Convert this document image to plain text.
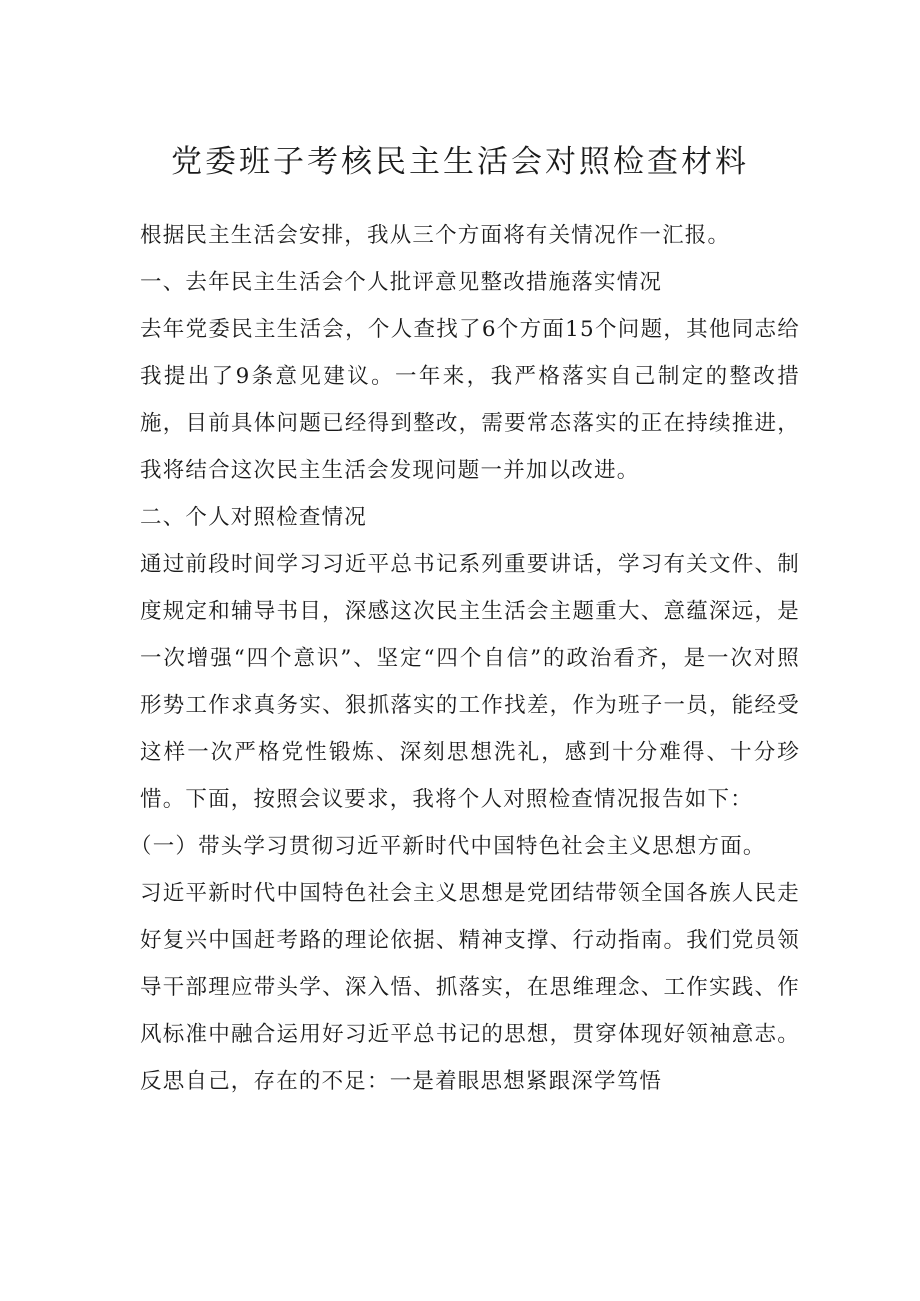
党委班子考核民主生活会对照检查材料

根据民主生活会安排，我从三个方面将有关情况作一汇报。

一、去年民主生活会个人批评意见整改措施落实情况

去年党委民主生活会，个人查找了6个方面15个问题，其他同志给我提出了9条意见建议。一年来，我严格落实自己制定的整改措施，目前具体问题已经得到整改，需要常态落实的正在持续推进，我将结合这次民主生活会发现问题一并加以改进。

二、个人对照检查情况

通过前段时间学习习近平总书记系列重要讲话，学习有关文件、制度规定和辅导书目，深感这次民主生活会主题重大、意蕴深远，是一次增强“四个意识”、坚定“四个自信”的政治看齐，是一次对照形势工作求真务实、狠抓落实的工作找差，作为班子一员，能经受这样一次严格党性锻炼、深刻思想洗礼，感到十分难得、十分珍惜。下面，按照会议要求，我将个人对照检查情况报告如下：

（一）带头学习贯彻习近平新时代中国特色社会主义思想方面。

习近平新时代中国特色社会主义思想是党团结带领全国各族人民走好复兴中国赶考路的理论依据、精神支撑、行动指南。我们党员领导干部理应带头学、深入悟、抓落实，在思维理念、工作实践、作风标准中融合运用好习近平总书记的思想，贯穿体现好领袖意志。反思自己，存在的不足：一是着眼思想紧跟深学笃悟
